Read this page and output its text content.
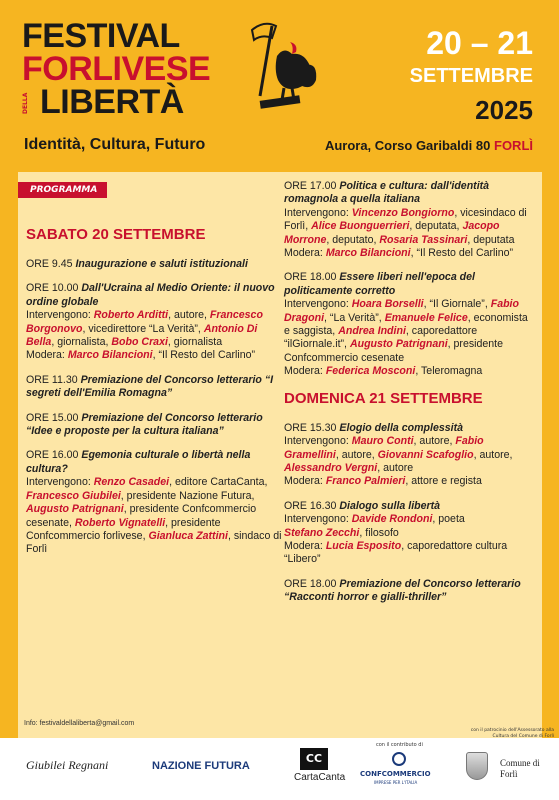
FESTIVAL
FORLIVESE
DELLA LIBERTÀ
20 – 21
SETTEMBRE
2025
Identità, Cultura, Futuro	Aurora, Corso Garibaldi 80 FORLÌ
PROGRAMMA
SABATO 20 SETTEMBRE
ORE 9.45 Inaugurazione e saluti istituzionali
ORE 10.00 Dall'Ucraina al Medio Oriente: il nuovo ordine globale
Intervengono: Roberto Arditti, autore, Francesco Borgonovo, vicedirettore “La Verità”, Antonio Di Bella, giornalista, Bobo Craxi, giornalista
Modera: Marco Bilancioni, “Il Resto del Carlino”
ORE 11.30 Premiazione del Concorso letterario “I segreti dell'Emilia Romagna”
ORE 15.00 Premiazione del Concorso letterario “Idee e proposte per la cultura italiana”
ORE 16.00 Egemonia culturale o libertà nella cultura?
Intervengono: Renzo Casadei, editore CartaCanta, Francesco Giubilei, presidente Nazione Futura, Augusto Patrignani, presidente Confcommercio cesenate, Roberto Vignatelli, presidente Confcommercio forlivese, Gianluca Zattini, sindaco di Forlì
ORE 17.00 Politica e cultura: dall'identità romagnola a quella italiana
Intervengono: Vincenzo Bongiorno, vicesindaco di Forlì, Alice Buonguerrieri, deputata, Jacopo Morrone, deputato, Rosaria Tassinari, deputata
Modera: Marco Bilancioni, “Il Resto del Carlino”
ORE 18.00 Essere liberi nell'epoca del politicamente corretto
Intervengono: Hoara Borselli, “Il Giornale”, Fabio Dragoni, “La Verità”, Emanuele Felice, economista e saggista, Andrea Indini, caporedattore “ilGiornale.it”, Augusto Patrignani, presidente Confcommercio cesenate
Modera: Federica Mosconi, Teleromagna
DOMENICA 21 SETTEMBRE
ORE 15.30 Elogio della complessità
Intervengono: Mauro Conti, autore, Fabio Gramellini, autore, Giovanni Scafoglio, autore, Alessandro Vergni, autore
Modera: Franco Palmieri, attore e regista
ORE 16.30 Dialogo sulla libertà
Intervengono: Davide Rondoni, poeta
Stefano Zecchi, filosofo
Modera: Lucia Esposito, caporedattore cultura “Libero”
ORE 18.00 Premiazione del Concorso letterario “Racconti horror e gialli-thriller”
Info: festivaldellaliberta@gmail.com
Giubilei Regnani	NAZIONE FUTURA
CC
CartaCanta
con il contributo di
CONFCOMMERCIO
IMPRESE PER L'ITALIA
con il patrocinio dell'Assessorato alla Cultura del Comune di Forlì
Comune di Forlì
